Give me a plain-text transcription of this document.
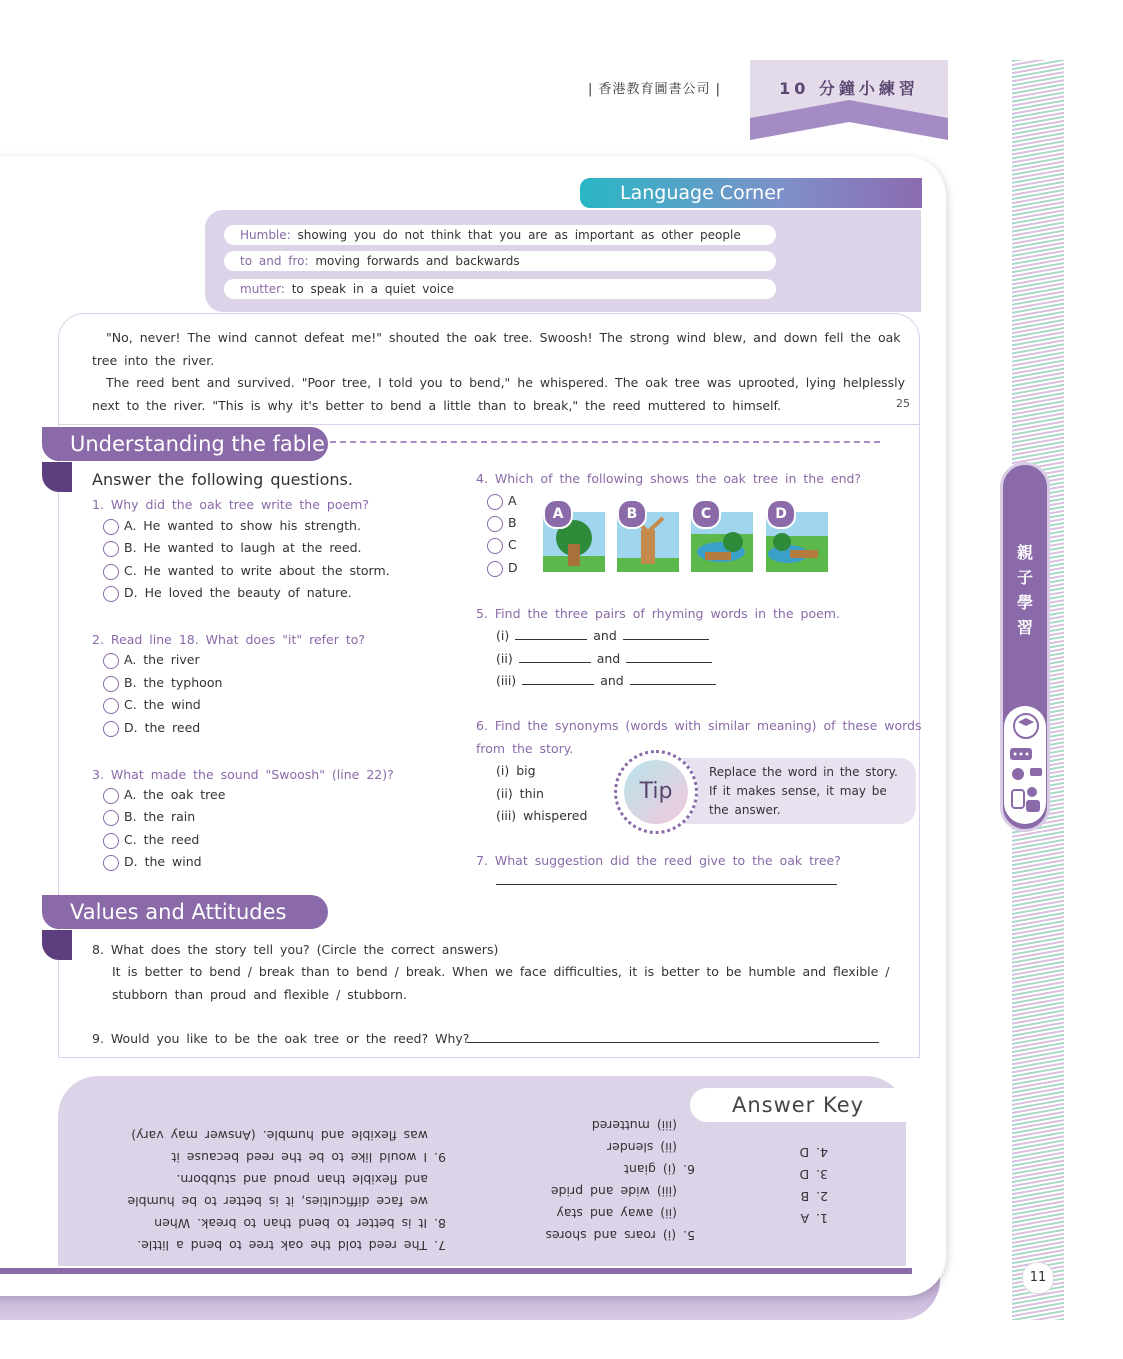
| 香港教育圖書公司 |	10 分鐘小練習
親
子
學
習
11
Language Corner
Humble: showing you do not think that you are as important as other people
to and fro: moving forwards and backwards
mutter: to speak in a quiet voice
"No, never! The wind cannot defeat me!" shouted the oak tree. Swoosh! The strong wind blew, and down fell the oak
tree into the river.
The reed bent and survived. "Poor tree, I told you to bend," he whispered. The oak tree was uprooted, lying helplessly
next to the river. "This is why it's better to bend a little than to break," the reed muttered to himself.	25
Understanding the fable
Answer the following questions.
1. Why did the oak tree write the poem?
A. He wanted to show his strength.
B. He wanted to laugh at the reed.
C. He wanted to write about the storm.
D. He loved the beauty of nature.
2. Read line 18. What does "it" refer to?
A. the river
B. the typhoon
C. the wind
D. the reed
3. What made the sound "Swoosh" (line 22)?
A. the oak tree
B. the rain
C. the reed
D. the wind
4. Which of the following shows the oak tree in the end?
A
B
C
D
A	B	C	D
5. Find the three pairs of rhyming words in the poem.
(i)	and
(ii)	and
(iii)	and
6. Find the synonyms (words with similar meaning) of these words
from the story.
(i) big
(ii) thin
(iii) whispered
Tip
Replace the word in the story. If it makes sense, it may be the answer.
7. What suggestion did the reed give to the oak tree?
Values and Attitudes
8. What does the story tell you? (Circle the correct answers)
It is better to bend / break than to bend / break. When we face difficulties, it is better to be humble and flexible /
stubborn than proud and flexible / stubborn.
9. Would you like to be the oak tree or the reed? Why?
Answer Key
1. A
2. B
3. D
4. D
5. (i) roars and shores
(ii) away and stay
(iii) wide and pride
6. (i) giant
(ii) slender
(iii) muttered
7. The reed told the oak tree to bend a little.
8. It is better to bend than to break. When
we face difficulties, it is better to be humble
and flexible than proud and stubborn.
9. I would like to be the reed because it
was flexible and humble. (Answer may vary)
